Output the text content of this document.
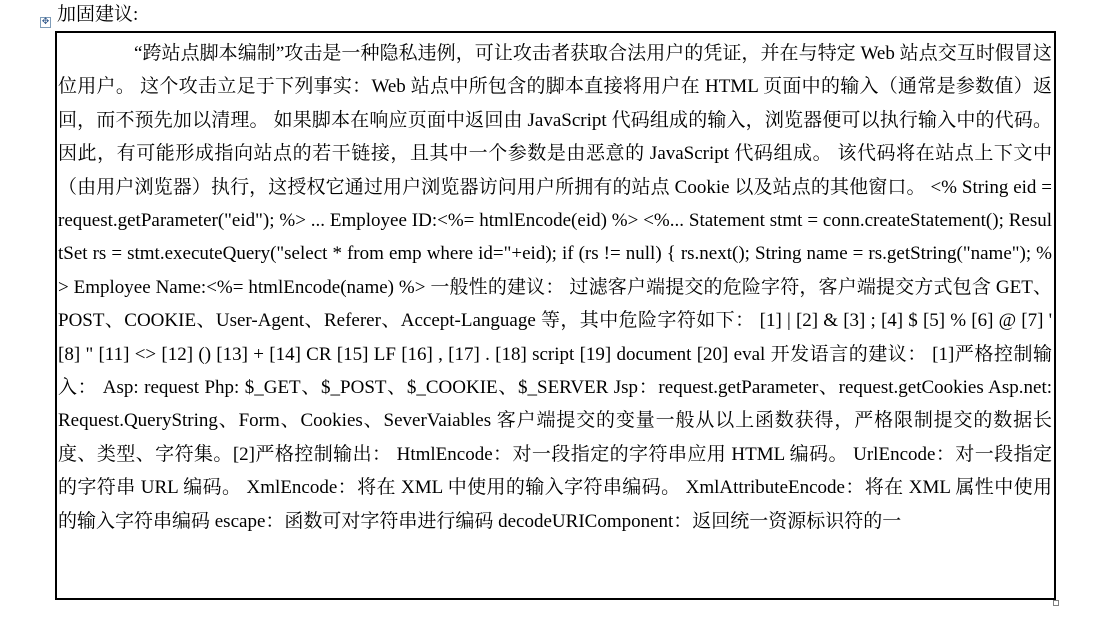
✥ 加固建议:

“跨站点脚本编制”攻击是一种隐私违例，可让攻击者获取合法用户的凭证，并在与特定 Web 站点交互时假冒这位用户。 这个攻击立足于下列事实：Web 站点中所包含的脚本直接将用户在 HTML 页面中的输入（通常是参数值）返回，而不预先加以清理。 如果脚本在响应页面中返回由 JavaScript 代码组成的输入，浏览器便可以执行输入中的代码。 因此，有可能形成指向站点的若干链接，且其中一个参数是由恶意的 JavaScript 代码组成。 该代码将在站点上下文中（由用户浏览器）执行，这授权它通过用户浏览器访问用户所拥有的站点 Cookie 以及站点的其他窗口。 <% String eid = request.getParameter("eid"); %> ... Employee ID:<%= htmlEncode(eid) %> <%... Statement stmt = conn.createStatement(); ResultSet rs = stmt.executeQuery("select * from emp where id="+eid); if (rs != null) { rs.next(); String name = rs.getString("name"); %> Employee Name:<%= htmlEncode(name) %> 一般性的建议： 过滤客户端提交的危险字符，客户端提交方式包含 GET、POST、COOKIE、User-Agent、Referer、Accept-Language 等，其中危险字符如下： [1] | [2] & [3] ; [4] $ [5] % [6] @ [7] ' [8] " [11] <> [12] () [13] + [14] CR [15] LF [16] , [17] . [18] script [19] document [20] eval 开发语言的建议： [1]严格控制输入： Asp: request Php: $_GET、$_POST、$_COOKIE、$_SERVER Jsp：request.getParameter、request.getCookies Asp.net: Request.QueryString、Form、Cookies、SeverVaiables 客户端提交的变量一般从以上函数获得，严格限制提交的数据长度、类型、字符集。[2]严格控制输出： HtmlEncode：对一段指定的字符串应用 HTML 编码。 UrlEncode：对一段指定的字符串 URL 编码。 XmlEncode：将在 XML 中使用的输入字符串编码。 XmlAttributeEncode：将在 XML 属性中使用的输入字符串编码 escape：函数可对字符串进行编码 decodeURIComponent：返回统一资源标识符的一
